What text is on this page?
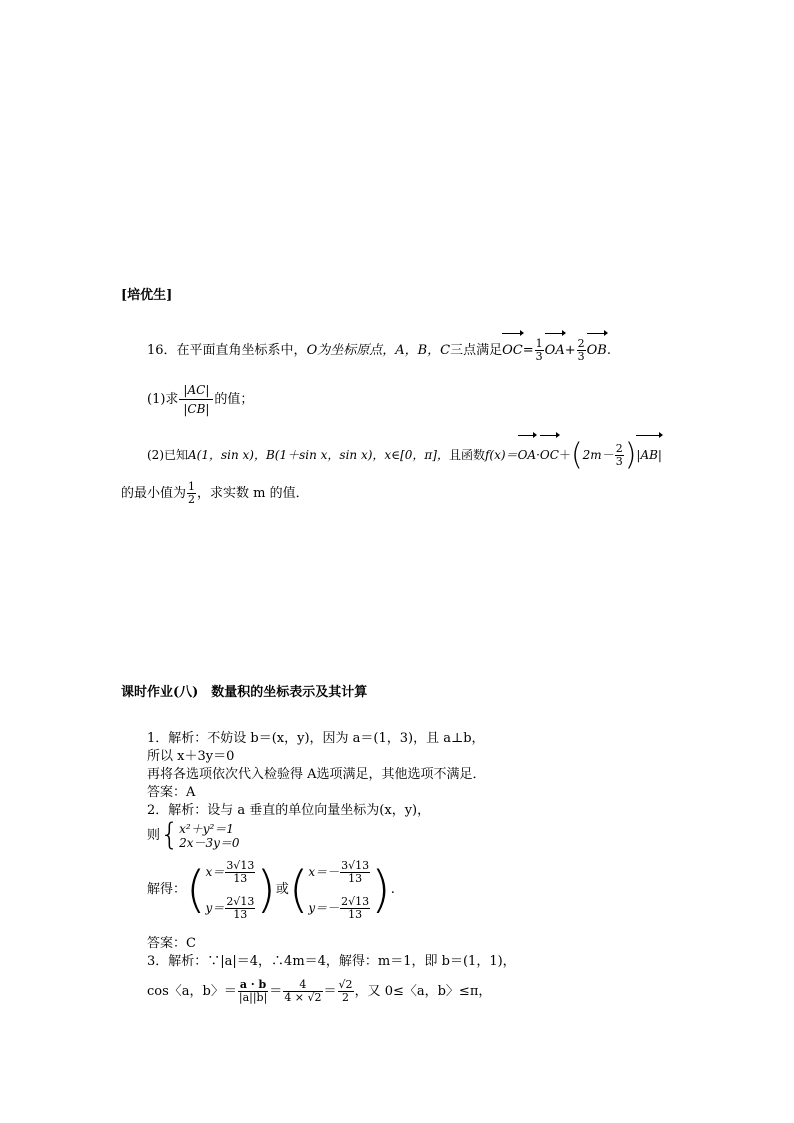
[培优生]
16．在平面直角坐标系中，O为坐标原点，A，B，C三点满足$OC= \frac{1}{3} OA+ \frac{2}{3}$ OB.
(1)求 $\frac{|AC|}{|CB|}$ 的值；
(2)已知A(1，sin x)，B(1＋sin x，sin x)，x∈[0，π]，且函数$f(x)=OA\cdot OC+(2m- \frac{2}{3} )|AB|$
的最小值为 $\frac{1}{2}$ ，求实数 m 的值．
课时作业(八)　数量积的坐标表示及其计算
1．解析：不妨设 b＝(x，y)，因为 a＝(1，3)，且 a⊥b，
所以 x＋3y＝0
再将各选项依次代入检验得 A选项满足，其他选项不满足．
答案：A
2．解析：设与 a 垂直的单位向量坐标为(x，y)，
则{ x²＋y²＝1
2x－3y＝0
解得：( $x= \frac{3√13}{13}$
$y= \frac{2√13}{13}$ )或( $x=- \frac{3√13}{13}$
$y=- \frac{2√13}{13}$ ).
答案：C
3．解析：∵|a|＝4，∴4m＝4，解得：m＝1，即 b＝(1，1)，
cos〈a，b〉＝ $\frac{a \cdot b}{|a||b|} = \frac{4}{4 \times √2} = \frac{√2}{2}$ ，又 0≤〈a，b〉≤π，
